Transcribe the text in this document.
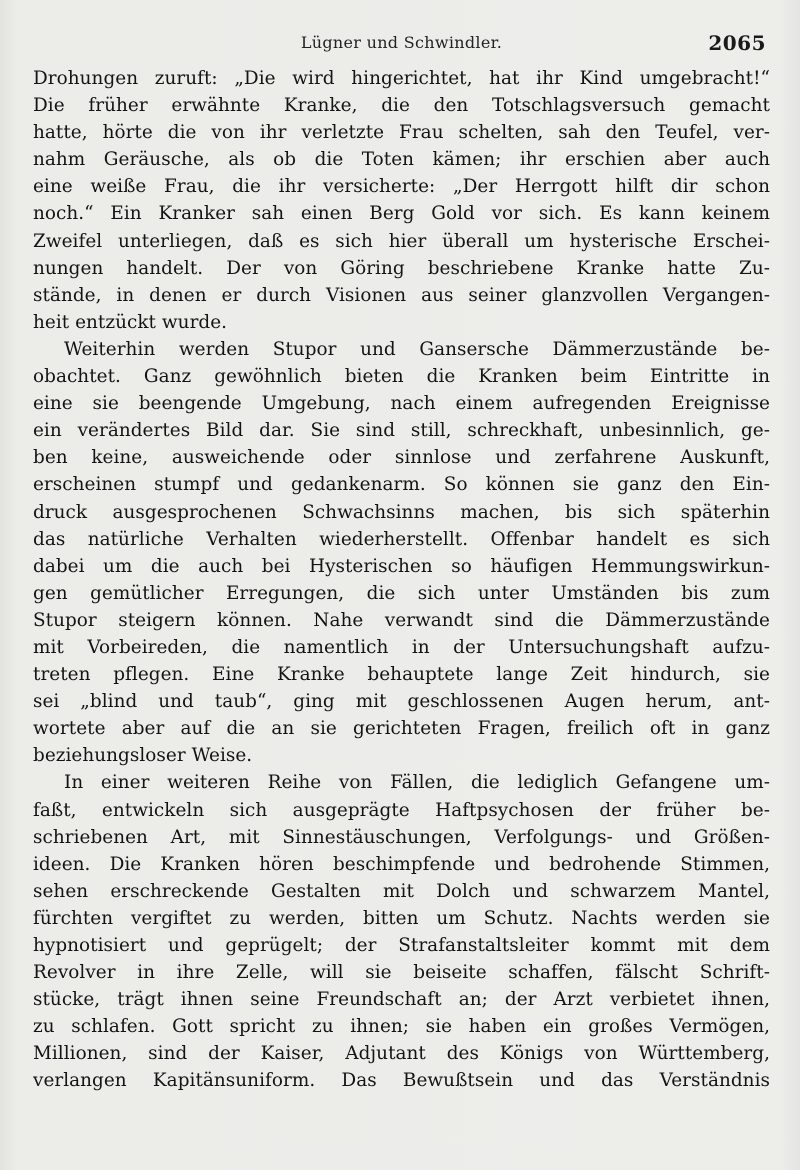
Lügner und Schwindler.	2065
Drohungen zuruft: „Die wird hingerichtet, hat ihr Kind umgebracht!“
Die früher erwähnte Kranke, die den Totschlagsversuch gemacht
hatte, hörte die von ihr verletzte Frau schelten, sah den Teufel, ver-
nahm Geräusche, als ob die Toten kämen; ihr erschien aber auch
eine weiße Frau, die ihr versicherte: „Der Herrgott hilft dir schon
noch.“ Ein Kranker sah einen Berg Gold vor sich. Es kann keinem
Zweifel unterliegen, daß es sich hier überall um hysterische Erschei-
nungen handelt. Der von Göring beschriebene Kranke hatte Zu-
stände, in denen er durch Visionen aus seiner glanzvollen Vergangen-
heit entzückt wurde.
Weiterhin werden Stupor und Gansersche Dämmerzustände be-
obachtet. Ganz gewöhnlich bieten die Kranken beim Eintritte in
eine sie beengende Umgebung, nach einem aufregenden Ereignisse
ein verändertes Bild dar. Sie sind still, schreckhaft, unbesinnlich, ge-
ben keine, ausweichende oder sinnlose und zerfahrene Auskunft,
erscheinen stumpf und gedankenarm. So können sie ganz den Ein-
druck ausgesprochenen Schwachsinns machen, bis sich späterhin
das natürliche Verhalten wiederherstellt. Offenbar handelt es sich
dabei um die auch bei Hysterischen so häufigen Hemmungswirkun-
gen gemütlicher Erregungen, die sich unter Umständen bis zum
Stupor steigern können. Nahe verwandt sind die Dämmerzustände
mit Vorbeireden, die namentlich in der Untersuchungshaft aufzu-
treten pflegen. Eine Kranke behauptete lange Zeit hindurch, sie
sei „blind und taub“, ging mit geschlossenen Augen herum, ant-
wortete aber auf die an sie gerichteten Fragen, freilich oft in ganz
beziehungsloser Weise.
In einer weiteren Reihe von Fällen, die lediglich Gefangene um-
faßt, entwickeln sich ausgeprägte Haftpsychosen der früher be-
schriebenen Art, mit Sinnestäuschungen, Verfolgungs- und Größen-
ideen. Die Kranken hören beschimpfende und bedrohende Stimmen,
sehen erschreckende Gestalten mit Dolch und schwarzem Mantel,
fürchten vergiftet zu werden, bitten um Schutz. Nachts werden sie
hypnotisiert und geprügelt; der Strafanstaltsleiter kommt mit dem
Revolver in ihre Zelle, will sie beiseite schaffen, fälscht Schrift-
stücke, trägt ihnen seine Freundschaft an; der Arzt verbietet ihnen,
zu schlafen. Gott spricht zu ihnen; sie haben ein großes Vermögen,
Millionen, sind der Kaiser, Adjutant des Königs von Württemberg,
verlangen Kapitänsuniform. Das Bewußtsein und das Verständnis
